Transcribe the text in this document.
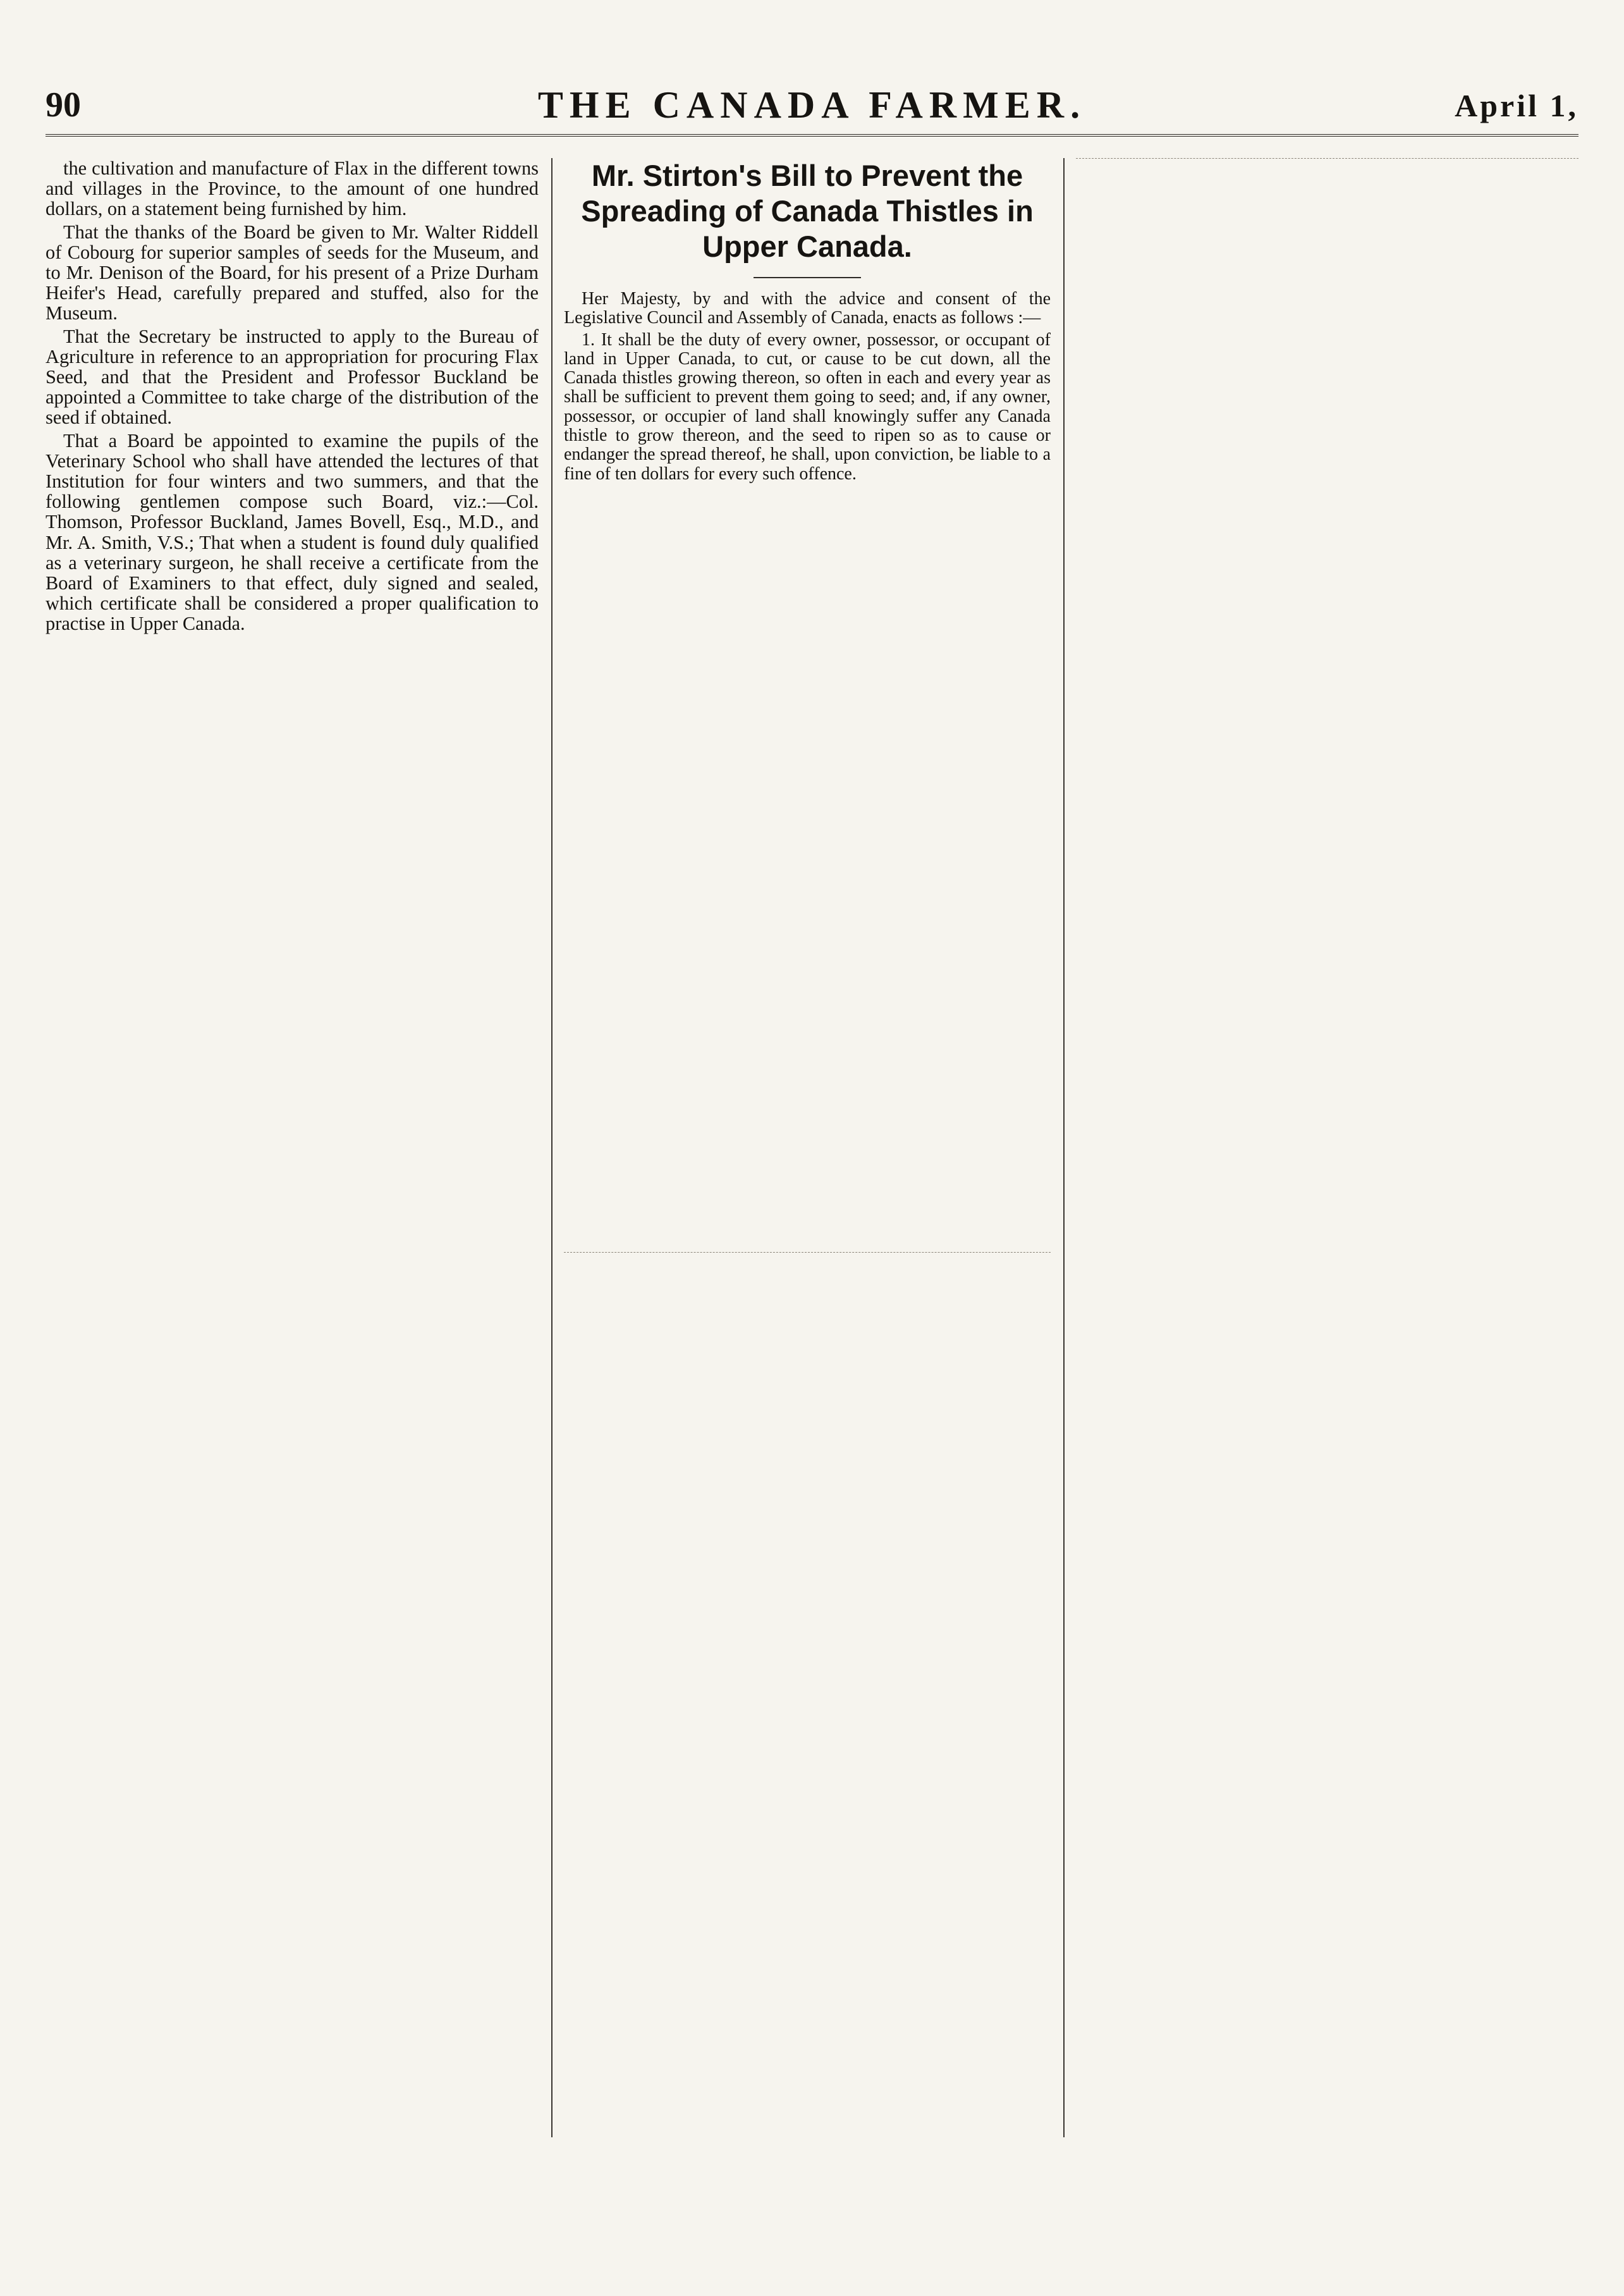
90	THE CANADA FARMER.	April 1,

the cultivation and manufacture of Flax in the different towns and villages in the Province, to the amount of one hundred dollars, on a statement being furnished by him.

That the thanks of the Board be given to Mr. Walter Riddell of Cobourg for superior samples of seeds for the Museum, and to Mr. Denison of the Board, for his present of a Prize Durham Heifer's Head, carefully prepared and stuffed, also for the Museum.

That the Secretary be instructed to apply to the Bureau of Agriculture in reference to an appropriation for procuring Flax Seed, and that the President and Professor Buckland be appointed a Committee to take charge of the distribution of the seed if obtained.

That a Board be appointed to examine the pupils of the Veterinary School who shall have attended the lectures of that Institution for four winters and two summers, and that the following gentlemen compose such Board, viz.:—Col. Thomson, Professor Buckland, James Bovell, Esq., M.D., and Mr. A. Smith, V.S.; That when a student is found duly qualified as a veterinary surgeon, he shall receive a certificate from the Board of Examiners to that effect, duly signed and sealed, which certificate shall be considered a proper qualification to practise in Upper Canada.

Mr. Stirton's Bill to Prevent the Spreading of Canada Thistles in Upper Canada.

Her Majesty, by and with the advice and consent of the Legislative Council and Assembly of Canada, enacts as follows :—

1. It shall be the duty of every owner, possessor, or occupant of land in Upper Canada, to cut, or cause to be cut down, all the Canada thistles growing thereon, so often in each and every year as shall be sufficient to prevent them going to seed; and, if any owner, possessor, or occupier of land shall knowingly suffer any Canada thistle to grow thereon, and the seed to ripen so as to cause or endanger the spread thereof, he shall, upon conviction, be liable to a fine of ten dollars for every such offence.
